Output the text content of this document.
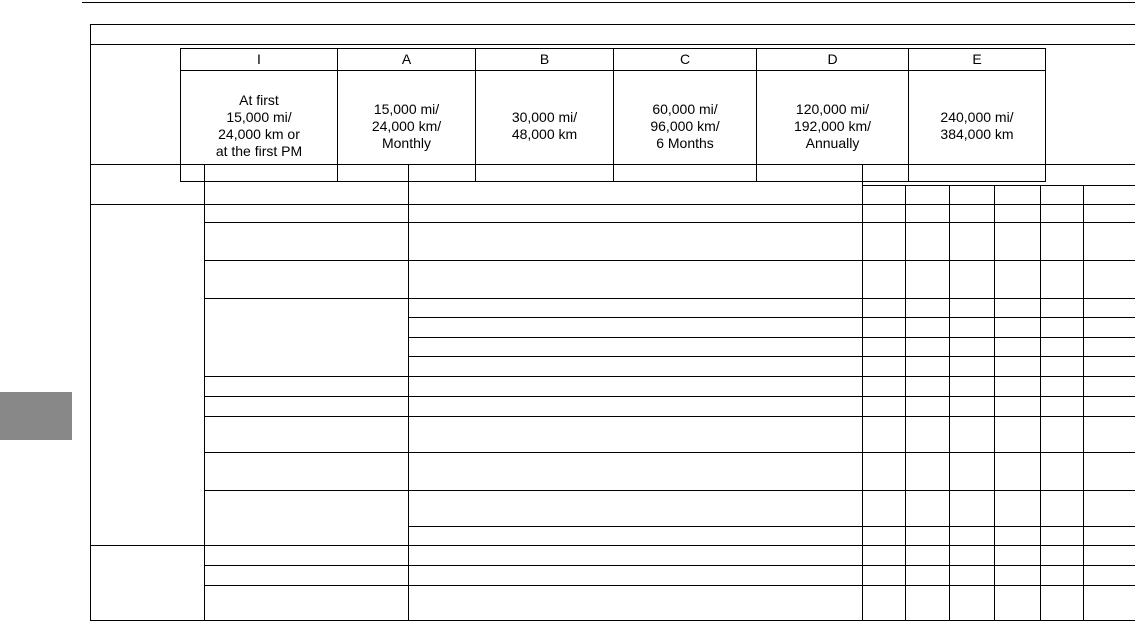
I	A	B	C	D	E

At first
15,000 mi/
24,000 km or
at the first PM	15,000 mi/
24,000 km/
Monthly	30,000 mi/
48,000 km	60,000 mi/
96,000 km/
6 Months	120,000 mi/
192,000 km/
Annually	240,000 mi/
384,000 km
